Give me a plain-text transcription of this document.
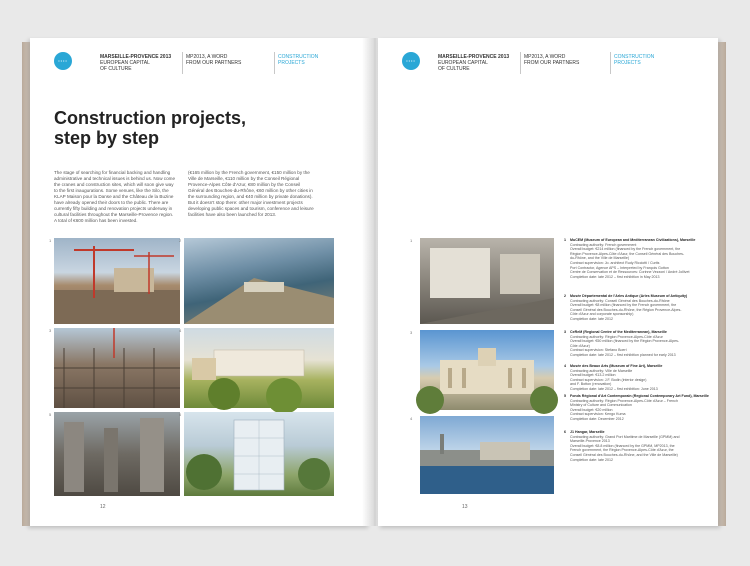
••••
MARSEILLE-PROVENCE 2013
EUROPEAN CAPITAL
OF CULTURE
MP2013, A WORD
FROM OUR PARTNERS
CONSTRUCTION
PROJECTS
Construction projects,
step by step
The stage of searching for financial backing and handling administrative and technical issues is behind us. Now come the cranes and construction sites, which will soon give way to the first inaugurations. Some venues, like the Silo, the KLAP Maison pour la Danse and the Château de la Buzine have already opened their doors to the public. There are currently fifty building and renovation projects underway in cultural facilities throughout the Marseille-Provence region. A total of €600 million has been invested.
(€165 million by the French government, €150 million by the Ville de Marseille, €110 million by the Conseil Régional Provence-Alpes Côte d'Azur, €80 million by the Conseil Général des Bouches-du-Rhône, €60 million by other cities in the surrounding region, and €40 million by private donations). But it doesn't stop there: other major investment projects developing public spaces and tourism, conference and leisure facilities have also been launched for 2013.
1	2
3	4
5	6
12
••••
MARSEILLE-PROVENCE 2013
EUROPEAN CAPITAL
OF CULTURE
MP2013, A WORD
FROM OUR PARTNERS
CONSTRUCTION
PROJECTS
1
3
4
1 MuCEM (Museum of European and Mediterranean Civilizations), Marseille
Contracting authority: French government
Overall budget: €214 million (financed by the French government, the
Région Provence-Alpes-Côte d'Azur, the Conseil Général des Bouches-
du-Rhône, and the Ville de Marseille)
Contract supervision: Jo. architect Rudy Ricciotti / Curtis
Port Contractor, Agence APS – Interpreted by François Gotton
Centre de Conservation et de Ressources: Corinne Vezzoni / André Jollivet
Completion date: late 2012 – first exhibition in May 2013
2 Musée Départemental de l'Arles Antique (Arles Museum of Antiquity)
Contracting authority: Conseil Général des Bouches-du-Rhône
Overall budget: €8 million (financed by the French government, the
Conseil Général des Bouches-du-Rhône, the Région Provence-Alpes-
Côte d'Azur and corporate sponsorship)
Completion date: late 2012
3 CeReM (Regional Centre of the Mediterranean), Marseille
Contracting authority: Région Provence-Alpes-Côte d'Azur
Overall budget: €50 million (financed by the Région Provence-Alpes-
Côte d'Azur)
Contract supervision: Stefano Boeri
Completion date: late 2012 – first exhibition planned for early 2013
4 Musée des Beaux Arts (Museum of Fine Art), Marseille
Contracting authority: Ville de Marseille
Overall budget: €13.2 million
Contract supervision: J.F. Bodin (interior design)
and F. Botton (renovation)
Completion date: late 2012 – first exhibition: June 2013
5 Fonds Régional d'Art Contemporain (Regional Contemporary Art Fund), Marseille
Contracting authority: Région Provence-Alpes-Côte d'Azur – French
Ministry of Culture and Communication
Overall budget: €20 million
Contract supervision: Kengo Kuma
Completion date: December 2012
6 J1 Hangar, Marseille
Contracting authority: Grand Port Maritime de Marseille (GPMM) and
Marseille-Provence 2013
Overall budget: €8.8 million (financed by the GPMM, MP2013, the
French government, the Région Provence-Alpes-Côte d'Azur, the
Conseil Général des Bouches-du-Rhône, and the Ville de Marseille)
Completion date: late 2012
13
